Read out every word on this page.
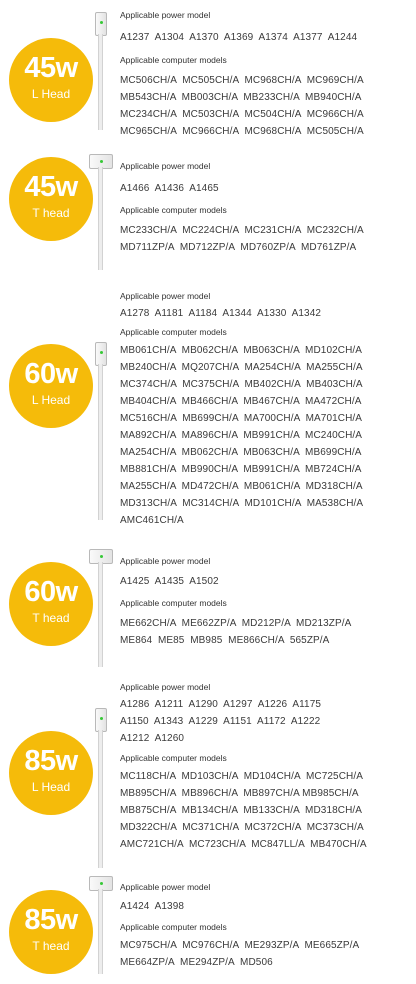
45w
L Head
Applicable power model
A1237  A1304  A1370  A1369  A1374  A1377  A1244
Applicable computer models
MC506CH/A  MC505CH/A  MC968CH/A  MC969CH/A
MB543CH/A  MB003CH/A  MB233CH/A  MB940CH/A
MC234CH/A  MC503CH/A  MC504CH/A  MC966CH/A
MC965CH/A  MC966CH/A  MC968CH/A  MC505CH/A
45w
T head
Applicable power model
A1466  A1436  A1465
Applicable computer models
MC233CH/A  MC224CH/A  MC231CH/A  MC232CH/A
MD711ZP/A  MD712ZP/A  MD760ZP/A  MD761ZP/A
60w
L Head
Applicable power model
A1278  A1181  A1184  A1344  A1330  A1342
Applicable computer models
MB061CH/A  MB062CH/A  MB063CH/A  MD102CH/A
MB240CH/A  MQ207CH/A  MA254CH/A  MA255CH/A
MC374CH/A  MC375CH/A  MB402CH/A  MB403CH/A
MB404CH/A  MB466CH/A  MB467CH/A  MA472CH/A
MC516CH/A  MB699CH/A  MA700CH/A  MA701CH/A
MA892CH/A  MA896CH/A  MB991CH/A  MC240CH/A
MA254CH/A  MB062CH/A  MB063CH/A  MB699CH/A
MB881CH/A  MB990CH/A  MB991CH/A  MB724CH/A
MA255CH/A  MD472CH/A  MB061CH/A  MD318CH/A
MD313CH/A  MC314CH/A  MD101CH/A  MA538CH/A
AMC461CH/A
60w
T head
Applicable power model
A1425  A1435  A1502
Applicable computer models
ME662CH/A  ME662ZP/A  MD212P/A  MD213ZP/A
ME864  ME85  MB985  ME866CH/A  565ZP/A
85w
L Head
Applicable power model
A1286  A1211  A1290  A1297  A1226  A1175
A1150  A1343  A1229  A1151  A1172  A1222
A1212  A1260
Applicable computer models
MC118CH/A  MD103CH/A  MD104CH/A  MC725CH/A
MB895CH/A  MB896CH/A  MB897CH/A MB985CH/A
MB875CH/A  MB134CH/A  MB133CH/A  MD318CH/A
MD322CH/A  MC371CH/A  MC372CH/A  MC373CH/A
AMC721CH/A  MC723CH/A  MC847LL/A  MB470CH/A
85w
T head
Applicable power model
A1424  A1398
Applicable computer models
MC975CH/A  MC976CH/A  ME293ZP/A  ME665ZP/A
ME664ZP/A  ME294ZP/A  MD506
